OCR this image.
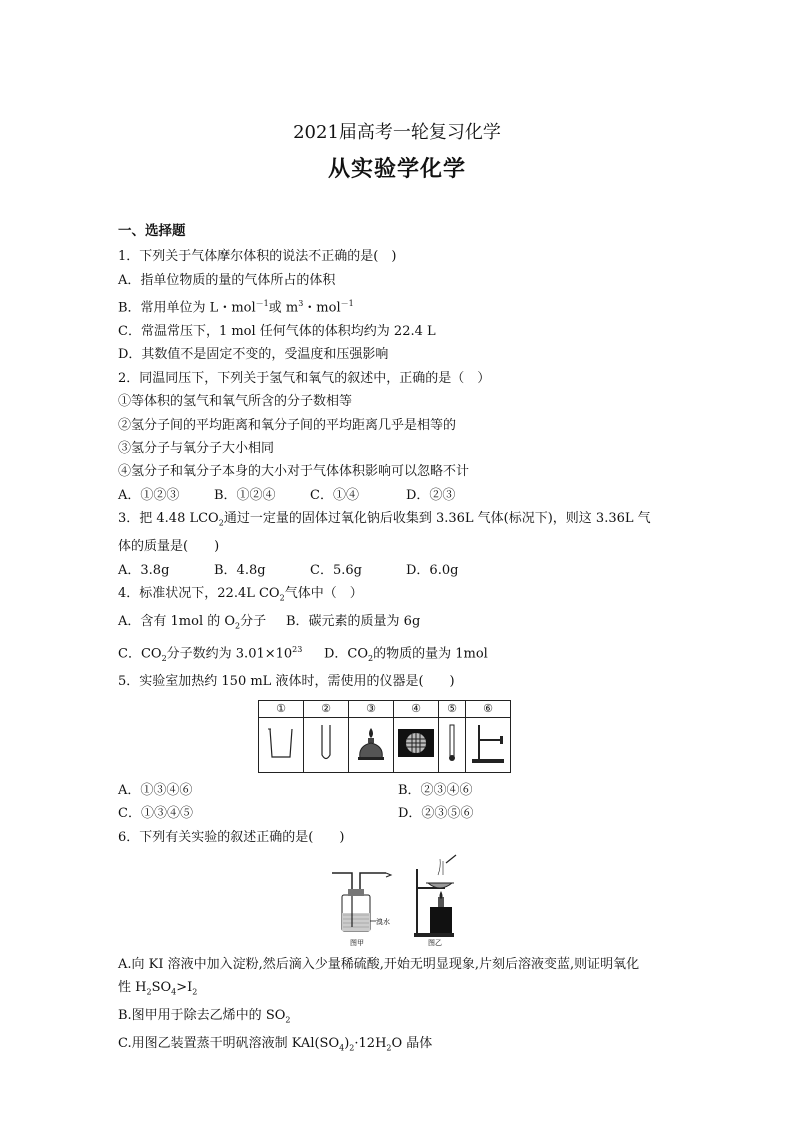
2021届高考一轮复习化学
从实验学化学
一、选择题
1．下列关于气体摩尔体积的说法不正确的是(　)
A．指单位物质的量的气体所占的体积
B．常用单位为 L・mol$^{-1}$或 $m^3$・mol$^{-1}$
C．常温常压下，1 mol 任何气体的体积均约为 22.4 L
D．其数值不是固定不变的，受温度和压强影响
2．同温同压下，下列关于氢气和氧气的叙述中，正确的是（　）
①等体积的氢气和氧气所含的分子数相等
②氢分子间的平均距离和氧分子间的平均距离几乎是相等的
③氢分子与氧分子大小相同
④氢分子和氧分子本身的大小对于气体体积影响可以忽略不计
A．①②③	B．①②④	C．①④	D．②③
3．把 4.48 $LCO_2$通过一定量的固体过氧化钠后收集到 3.36L 气体(标况下)，则这 3.36L 气
体的质量是(　　)
A．3.8g	B．4.8g	C．5.6g	D．6.0g
4．标准状况下，22.4L $CO_2$气体中（　）
A．含有 1mol 的 $O_2$分子 B．碳元素的质量为 6g
C．$CO_2$分子数约为 $3.01\times 10^{23}$ D．$CO_2$的物质的量为 1mol
5．实验室加热约 150 mL 液体时，需使用的仪器是(　　)
①	②	③	④	⑤	⑥

A．①③④⑥	B．②③④⑥
C．①③④⑤	D．②③⑤⑥
6．下列有关实验的叙述正确的是(　　)
溴水
图甲	图乙
A.向 KI 溶液中加入淀粉,然后滴入少量稀硫酸,开始无明显现象,片刻后溶液变蓝,则证明氧化
性 $H_2SO_4>I_2$
B.图甲用于除去乙烯中的 $SO_2$
C.用图乙装置蒸干明矾溶液制 $KAl(SO_4)_2\cdot 12H_2O$ 晶体
